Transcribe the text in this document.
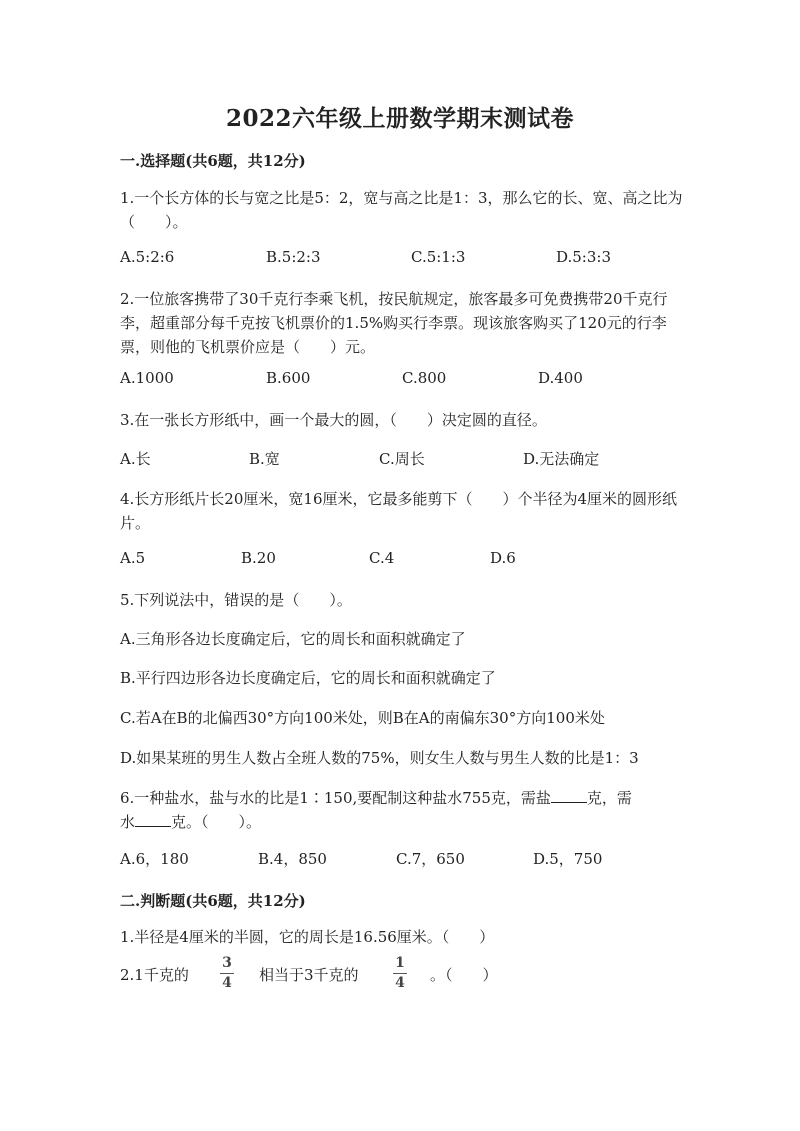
2022六年级上册数学期末测试卷
一.选择题(共6题，共12分)
1.一个长方体的长与宽之比是5：2，宽与高之比是1：3，那么它的长、宽、高之比为（　　）。
A.5:2:6	B.5:2:3	C.5:1:3	D.5:3:3
2.一位旅客携带了30千克行李乘飞机，按民航规定，旅客最多可免费携带20千克行李，超重部分每千克按飞机票价的1.5%购买行李票。现该旅客购买了120元的行李票，则他的飞机票价应是（　　）元。
A.1000	B.600	C.800	D.400
3.在一张长方形纸中，画一个最大的圆，（　　）决定圆的直径。
A.长	B.宽	C.周长	D.无法确定
4.长方形纸片长20厘米，宽16厘米，它最多能剪下（　　）个半径为4厘米的圆形纸片。
A.5	B.20	C.4	D.6
5.下列说法中，错误的是（　　）。
A.三角形各边长度确定后，它的周长和面积就确定了
B.平行四边形各边长度确定后，它的周长和面积就确定了
C.若A在B的北偏西30°方向100米处，则B在A的南偏东30°方向100米处
D.如果某班的男生人数占全班人数的75%，则女生人数与男生人数的比是1：3
6.一种盐水，盐与水的比是1∶150,要配制这种盐水755克，需盐 克，需
水 克。（　　）。
A.6，180	B.4，850	C.7，650	D.5，750
二.判断题(共6题，共12分)
1.半径是4厘米的半圆，它的周长是16.56厘米。（　　）
2.1千克的
3
4	相当于3千克的
1
4	。（　　）
